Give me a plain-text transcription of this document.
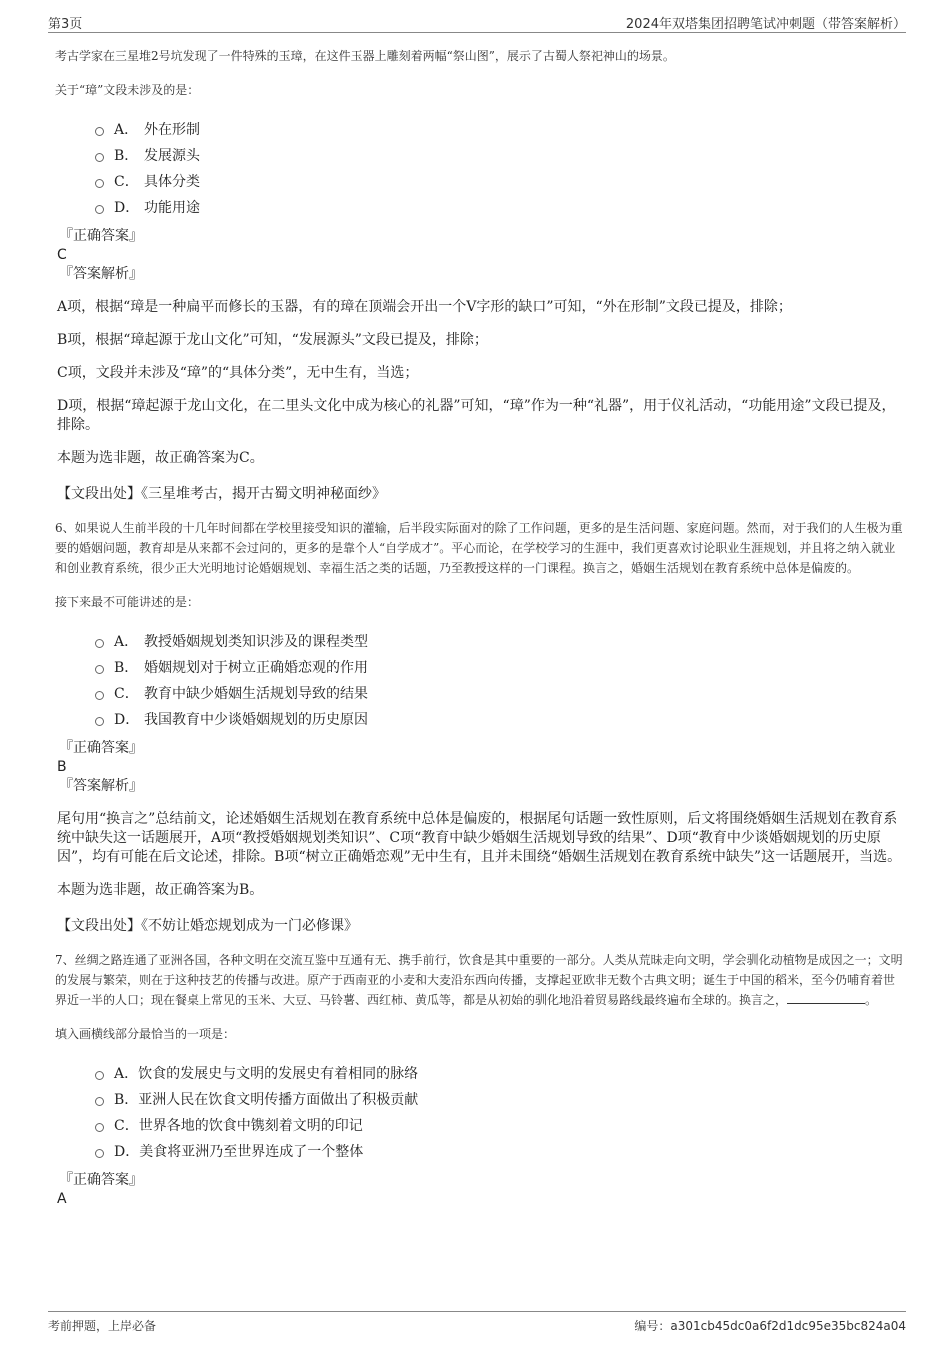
第3页	2024年双塔集团招聘笔试冲刺题（带答案解析）

考古学家在三星堆2号坑发现了一件特殊的玉璋，在这件玉器上雕刻着两幅“祭山图”，展示了古蜀人祭祀神山的场景。

关于“璋”文段未涉及的是：

A． 外在形制
B． 发展源头
C． 具体分类
D． 功能用途
『正确答案』
C
『答案解析』
A项，根据“璋是一种扁平而修长的玉器，有的璋在顶端会开出一个V字形的缺口”可知，“外在形制”文段已提及，排除；
B项，根据“璋起源于龙山文化”可知，“发展源头”文段已提及，排除；
C项，文段并未涉及“璋”的“具体分类”，无中生有，当选；
D项，根据“璋起源于龙山文化，在二里头文化中成为核心的礼器”可知，“璋”作为一种“礼器”，用于仪礼活动，“功能用途”文段已提及，排除。
本题为选非题，故正确答案为C。
【文段出处】《三星堆考古，揭开古蜀文明神秘面纱》

6、如果说人生前半段的十几年时间都在学校里接受知识的灌输，后半段实际面对的除了工作问题，更多的是生活问题、家庭问题。然而，对于我们的人生极为重要的婚姻问题，教育却是从来都不会过问的，更多的是靠个人“自学成才”。平心而论，在学校学习的生涯中，我们更喜欢讨论职业生涯规划，并且将之纳入就业和创业教育系统，很少正大光明地讨论婚姻规划、幸福生活之类的话题，乃至教授这样的一门课程。换言之，婚姻生活规划在教育系统中总体是偏废的。

接下来最不可能讲述的是：

A． 教授婚姻规划类知识涉及的课程类型
B． 婚姻规划对于树立正确婚恋观的作用
C． 教育中缺少婚姻生活规划导致的结果
D． 我国教育中少谈婚姻规划的历史原因
『正确答案』
B
『答案解析』
尾句用“换言之”总结前文，论述婚姻生活规划在教育系统中总体是偏废的，根据尾句话题一致性原则，后文将围绕婚姻生活规划在教育系统中缺失这一话题展开，A项“教授婚姻规划类知识”、C项“教育中缺少婚姻生活规划导致的结果”、D项“教育中少谈婚姻规划的历史原因”，均有可能在后文论述，排除。B项“树立正确婚恋观”无中生有，且并未围绕“婚姻生活规划在教育系统中缺失”这一话题展开，当选。
本题为选非题，故正确答案为B。
【文段出处】《不妨让婚恋规划成为一门必修课》

7、丝绸之路连通了亚洲各国，各种文明在交流互鉴中互通有无、携手前行，饮食是其中重要的一部分。人类从荒昧走向文明，学会驯化动植物是成因之一；文明的发展与繁荣，则在于这种技艺的传播与改进。原产于西南亚的小麦和大麦沿东西向传播，支撑起亚欧非无数个古典文明；诞生于中国的稻米，至今仍哺育着世界近一半的人口；现在餐桌上常见的玉米、大豆、马铃薯、西红柿、黄瓜等，都是从初始的驯化地沿着贸易路线最终遍布全球的。换言之，	。

填入画横线部分最恰当的一项是：

A． 饮食的发展史与文明的发展史有着相同的脉络
B． 亚洲人民在饮食文明传播方面做出了积极贡献
C． 世界各地的饮食中镌刻着文明的印记
D． 美食将亚洲乃至世界连成了一个整体
『正确答案』
A
考前押题，上岸必备	编号：a301cb45dc0a6f2d1dc95e35bc824a04
